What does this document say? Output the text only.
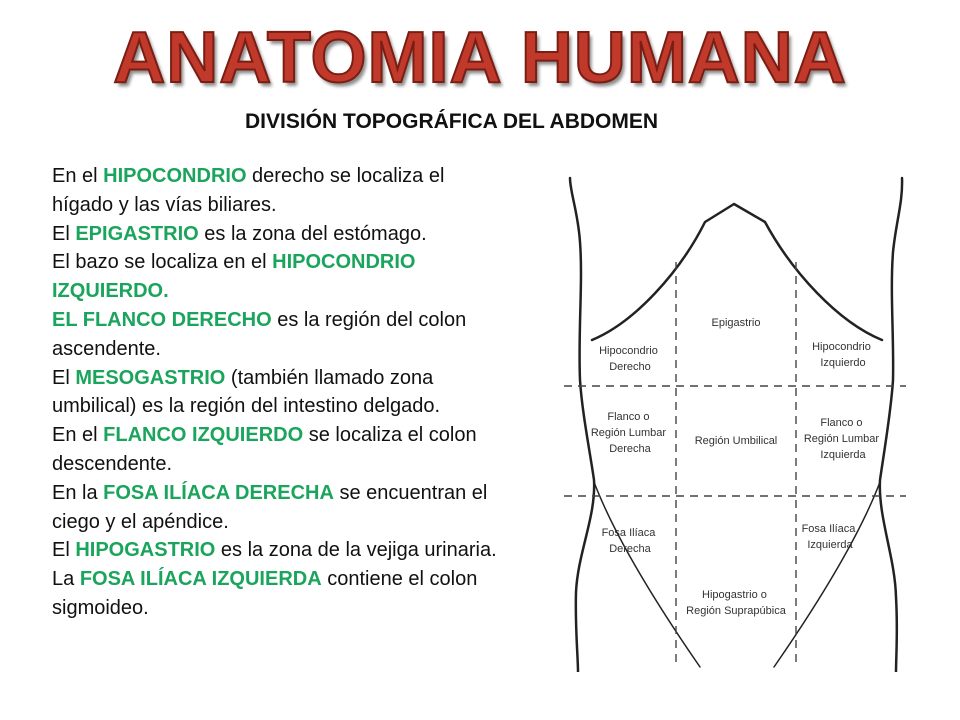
ANATOMIA HUMANA
DIVISIÓN TOPOGRÁFICA DEL ABDOMEN

En el HIPOCONDRIO derecho se localiza el hígado y las vías biliares.

El EPIGASTRIO es la zona del estómago.

El bazo se localiza en el HIPOCONDRIO IZQUIERDO.

EL FLANCO DERECHO es la región del colon ascendente.

El MESOGASTRIO (también llamado zona umbilical) es la región del intestino delgado.

En el FLANCO IZQUIERDO se localiza el colon descendente.

En la FOSA ILÍACA DERECHA se encuentran el ciego y el apéndice.

El HIPOGASTRIO es la zona de la vejiga urinaria.

La FOSA ILÍACA IZQUIERDA contiene el colon sigmoideo.

Hipocondrio Derecho
Epigastrio
Hipocondrio Izquierdo
Flanco o Región Lumbar Derecha
Región Umbilical
Flanco o Región Lumbar Izquierda
Fosa Ilíaca Derecha
Hipogastrio o Región Suprapúbica
Fosa Ilíaca Izquierda
